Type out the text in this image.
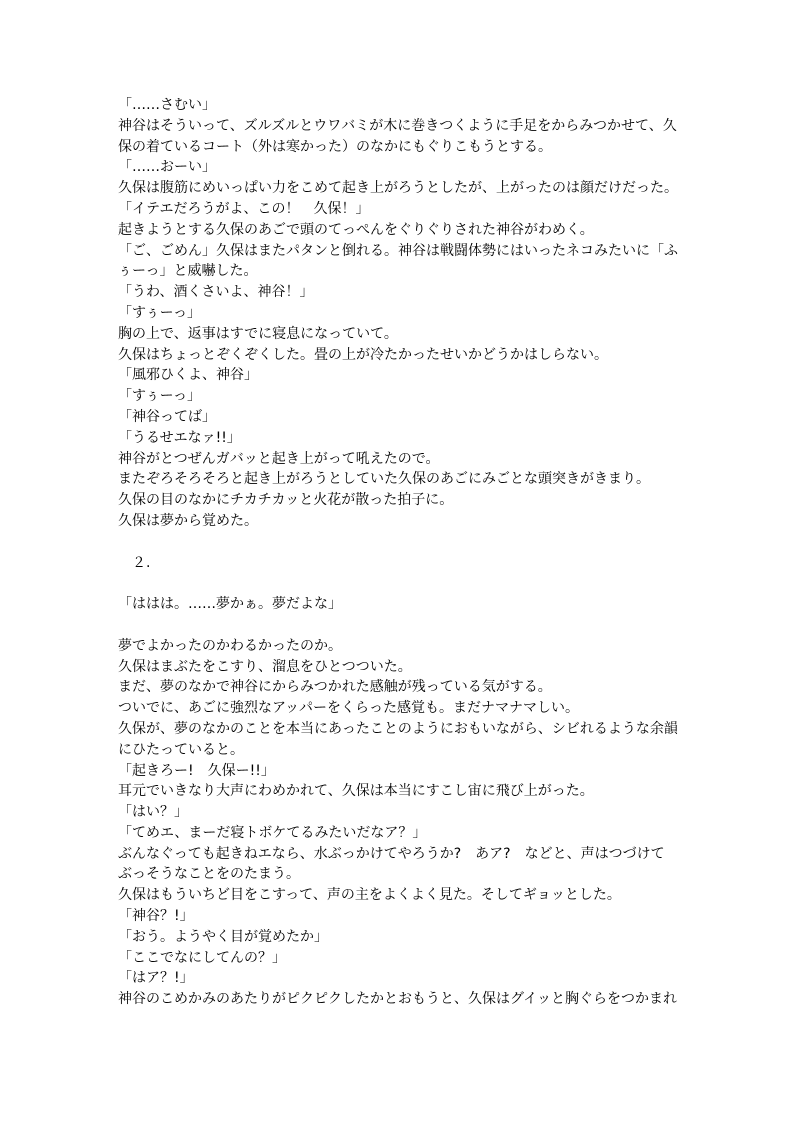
「……さむい」
神谷はそういって、ズルズルとウワバミが木に巻きつくように手足をからみつかせて、久
保の着ているコート（外は寒かった）のなかにもぐりこもうとする。
「……おーい」
久保は腹筋にめいっぱい力をこめて起き上がろうとしたが、上がったのは顔だけだった。
「イテエだろうがよ、この！　久保！」
起きようとする久保のあごで頭のてっぺんをぐりぐりされた神谷がわめく。
「ご、ごめん」久保はまたパタンと倒れる。神谷は戦闘体勢にはいったネコみたいに「ふ
ぅーっ」と威嚇した。
「うわ、酒くさいよ、神谷！」
「すぅーっ」
胸の上で、返事はすでに寝息になっていて。
久保はちょっとぞくぞくした。畳の上が冷たかったせいかどうかはしらない。
「風邪ひくよ、神谷」
「すぅーっ」
「神谷ってば」
「うるせエなァ!!」
神谷がとつぜんガバッと起き上がって吼えたので。
またぞろそろそろと起き上がろうとしていた久保のあごにみごとな頭突きがきまり。
久保の目のなかにチカチカッと火花が散った拍子に。
久保は夢から覚めた。
２.
「ははは。……夢かぁ。夢だよな」
夢でよかったのかわるかったのか。
久保はまぶたをこすり、溜息をひとつついた。
まだ、夢のなかで神谷にからみつかれた感触が残っている気がする。
ついでに、あごに強烈なアッパーをくらった感覚も。まだナマナマしい。
久保が、夢のなかのことを本当にあったことのようにおもいながら、シビれるような余韻
にひたっていると。
「起きろー!　久保ー!!」
耳元でいきなり大声にわめかれて、久保は本当にすこし宙に飛び上がった。
「はい？」
「てめエ、まーだ寝トボケてるみたいだなア？」
ぶんなぐっても起きねエなら、水ぶっかけてやろうか?　あア?　などと、声はつづけて
ぶっそうなことをのたまう。
久保はもういちど目をこすって、声の主をよくよく見た。そしてギョッとした。
「神谷？!」
「おう。ようやく目が覚めたか」
「ここでなにしてんの？」
「はア？!」
神谷のこめかみのあたりがピクピクしたかとおもうと、久保はグイッと胸ぐらをつかまれ
